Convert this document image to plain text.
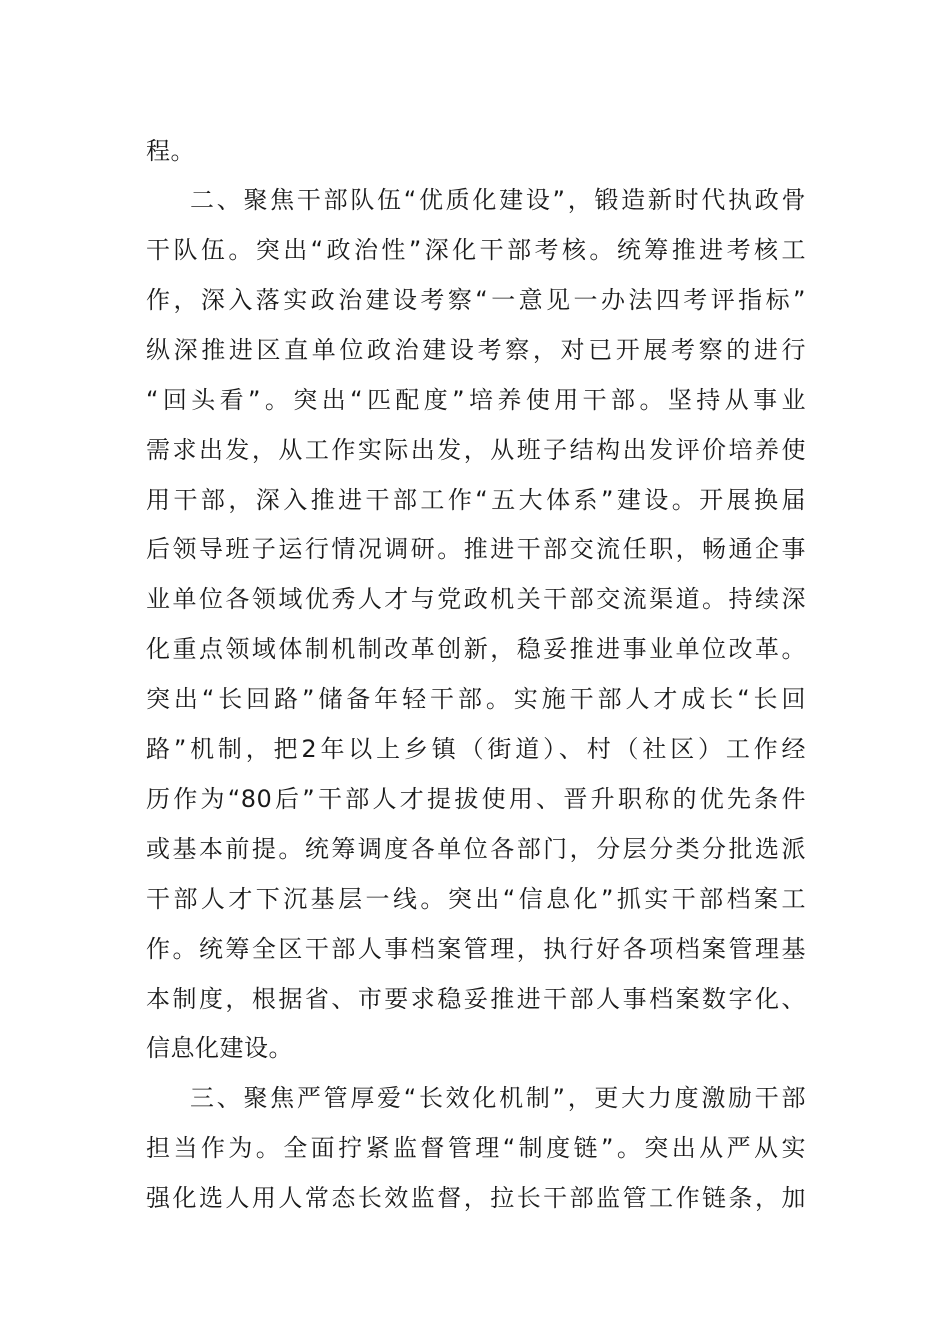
程。
二、聚焦干部队伍“优质化建设”，锻造新时代执政骨
干队伍。突出“政治性”深化干部考核。统筹推进考核工
作，深入落实政治建设考察“一意见一办法四考评指标”
纵深推进区直单位政治建设考察，对已开展考察的进行
“回头看”。突出“匹配度”培养使用干部。坚持从事业
需求出发，从工作实际出发，从班子结构出发评价培养使
用干部，深入推进干部工作“五大体系”建设。开展换届
后领导班子运行情况调研。推进干部交流任职，畅通企事
业单位各领域优秀人才与党政机关干部交流渠道。持续深
化重点领域体制机制改革创新，稳妥推进事业单位改革。
突出“长回路”储备年轻干部。实施干部人才成长“长回
路”机制，把2年以上乡镇（街道）、村（社区）工作经
历作为“80后”干部人才提拔使用、晋升职称的优先条件
或基本前提。统筹调度各单位各部门，分层分类分批选派
干部人才下沉基层一线。突出“信息化”抓实干部档案工
作。统筹全区干部人事档案管理，执行好各项档案管理基
本制度，根据省、市要求稳妥推进干部人事档案数字化、
信息化建设。
三、聚焦严管厚爱“长效化机制”，更大力度激励干部
担当作为。全面拧紧监督管理“制度链”。突出从严从实
强化选人用人常态长效监督，拉长干部监管工作链条，加
